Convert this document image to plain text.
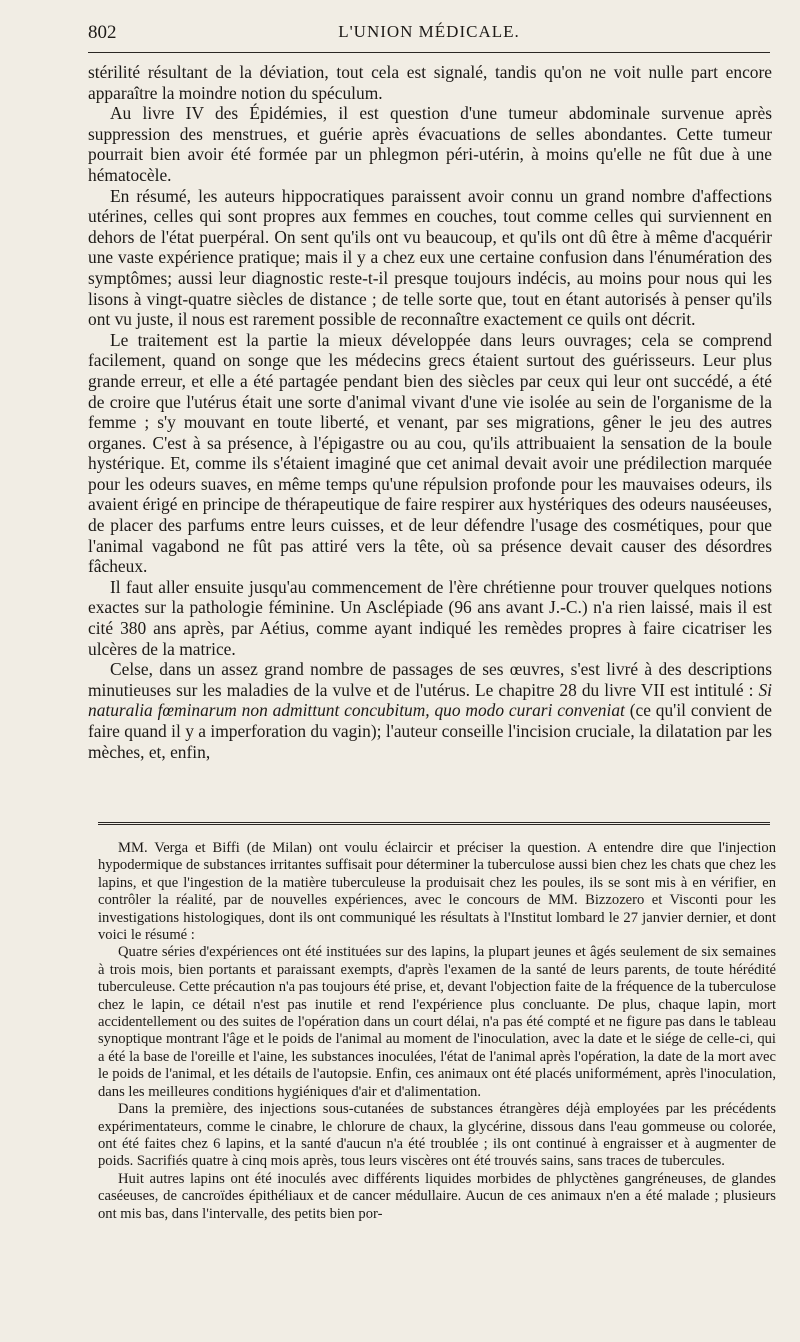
802	L'UNION MÉDICALE.

stérilité résultant de la déviation, tout cela est signalé, tandis qu'on ne voit nulle part encore apparaître la moindre notion du spéculum.

Au livre IV des Épidémies, il est question d'une tumeur abdominale survenue après suppression des menstrues, et guérie après évacuations de selles abondantes. Cette tumeur pourrait bien avoir été formée par un phlegmon péri-utérin, à moins qu'elle ne fût due à une hématocèle.

En résumé, les auteurs hippocratiques paraissent avoir connu un grand nombre d'affections utérines, celles qui sont propres aux femmes en couches, tout comme celles qui surviennent en dehors de l'état puerpéral. On sent qu'ils ont vu beaucoup, et qu'ils ont dû être à même d'acquérir une vaste expérience pratique; mais il y a chez eux une certaine confusion dans l'énumération des symptômes; aussi leur diagnostic reste-t-il presque toujours indécis, au moins pour nous qui les lisons à vingt-quatre siècles de distance ; de telle sorte que, tout en étant autorisés à penser qu'ils ont vu juste, il nous est rarement possible de reconnaître exactement ce quils ont décrit.

Le traitement est la partie la mieux développée dans leurs ouvrages; cela se comprend facilement, quand on songe que les médecins grecs étaient surtout des guérisseurs. Leur plus grande erreur, et elle a été partagée pendant bien des siècles par ceux qui leur ont succédé, a été de croire que l'utérus était une sorte d'animal vivant d'une vie isolée au sein de l'organisme de la femme ; s'y mouvant en toute liberté, et venant, par ses migrations, gêner le jeu des autres organes. C'est à sa présence, à l'épigastre ou au cou, qu'ils attribuaient la sensation de la boule hystérique. Et, comme ils s'étaient imaginé que cet animal devait avoir une prédilection marquée pour les odeurs suaves, en même temps qu'une répulsion profonde pour les mauvaises odeurs, ils avaient érigé en principe de thérapeutique de faire respirer aux hystériques des odeurs nauséeuses, de placer des parfums entre leurs cuisses, et de leur défendre l'usage des cosmétiques, pour que l'animal vagabond ne fût pas attiré vers la tête, où sa présence devait causer des désordres fâcheux.

Il faut aller ensuite jusqu'au commencement de l'ère chrétienne pour trouver quelques notions exactes sur la pathologie féminine. Un Asclépiade (96 ans avant J.-C.) n'a rien laissé, mais il est cité 380 ans après, par Aétius, comme ayant indiqué les remèdes propres à faire cicatriser les ulcères de la matrice.

Celse, dans un assez grand nombre de passages de ses œuvres, s'est livré à des descriptions minutieuses sur les maladies de la vulve et de l'utérus. Le chapitre 28 du livre VII est intitulé : Si naturalia fœminarum non admittunt concubitum, quo modo curari conveniat (ce qu'il convient de faire quand il y a imperforation du vagin); l'auteur conseille l'incision cruciale, la dilatation par les mèches, et, enfin,

MM. Verga et Biffi (de Milan) ont voulu éclaircir et préciser la question. A entendre dire que l'injection hypodermique de substances irritantes suffisait pour déterminer la tuberculose aussi bien chez les chats que chez les lapins, et que l'ingestion de la matière tuberculeuse la produisait chez les poules, ils se sont mis à en vérifier, en contrôler la réalité, par de nouvelles expériences, avec le concours de MM. Bizzozero et Visconti pour les investigations histologiques, dont ils ont communiqué les résultats à l'Institut lombard le 27 janvier dernier, et dont voici le résumé :

Quatre séries d'expériences ont été instituées sur des lapins, la plupart jeunes et âgés seulement de six semaines à trois mois, bien portants et paraissant exempts, d'après l'examen de la santé de leurs parents, de toute hérédité tuberculeuse. Cette précaution n'a pas toujours été prise, et, devant l'objection faite de la fréquence de la tuberculose chez le lapin, ce détail n'est pas inutile et rend l'expérience plus concluante. De plus, chaque lapin, mort accidentellement ou des suites de l'opération dans un court délai, n'a pas été compté et ne figure pas dans le tableau synoptique montrant l'âge et le poids de l'animal au moment de l'inoculation, avec la date et le siége de celle-ci, qui a été la base de l'oreille et l'aine, les substances inoculées, l'état de l'animal après l'opération, la date de la mort avec le poids de l'animal, et les détails de l'autopsie. Enfin, ces animaux ont été placés uniformément, après l'inoculation, dans les meilleures conditions hygiéniques d'air et d'alimentation.

Dans la première, des injections sous-cutanées de substances étrangères déjà employées par les précédents expérimentateurs, comme le cinabre, le chlorure de chaux, la glycérine, dissous dans l'eau gommeuse ou colorée, ont été faites chez 6 lapins, et la santé d'aucun n'a été troublée ; ils ont continué à engraisser et à augmenter de poids. Sacrifiés quatre à cinq mois après, tous leurs viscères ont été trouvés sains, sans traces de tubercules.

Huit autres lapins ont été inoculés avec différents liquides morbides de phlyctènes gangréneuses, de glandes caséeuses, de cancroïdes épithéliaux et de cancer médullaire. Aucun de ces animaux n'en a été malade ; plusieurs ont mis bas, dans l'intervalle, des petits bien por-
